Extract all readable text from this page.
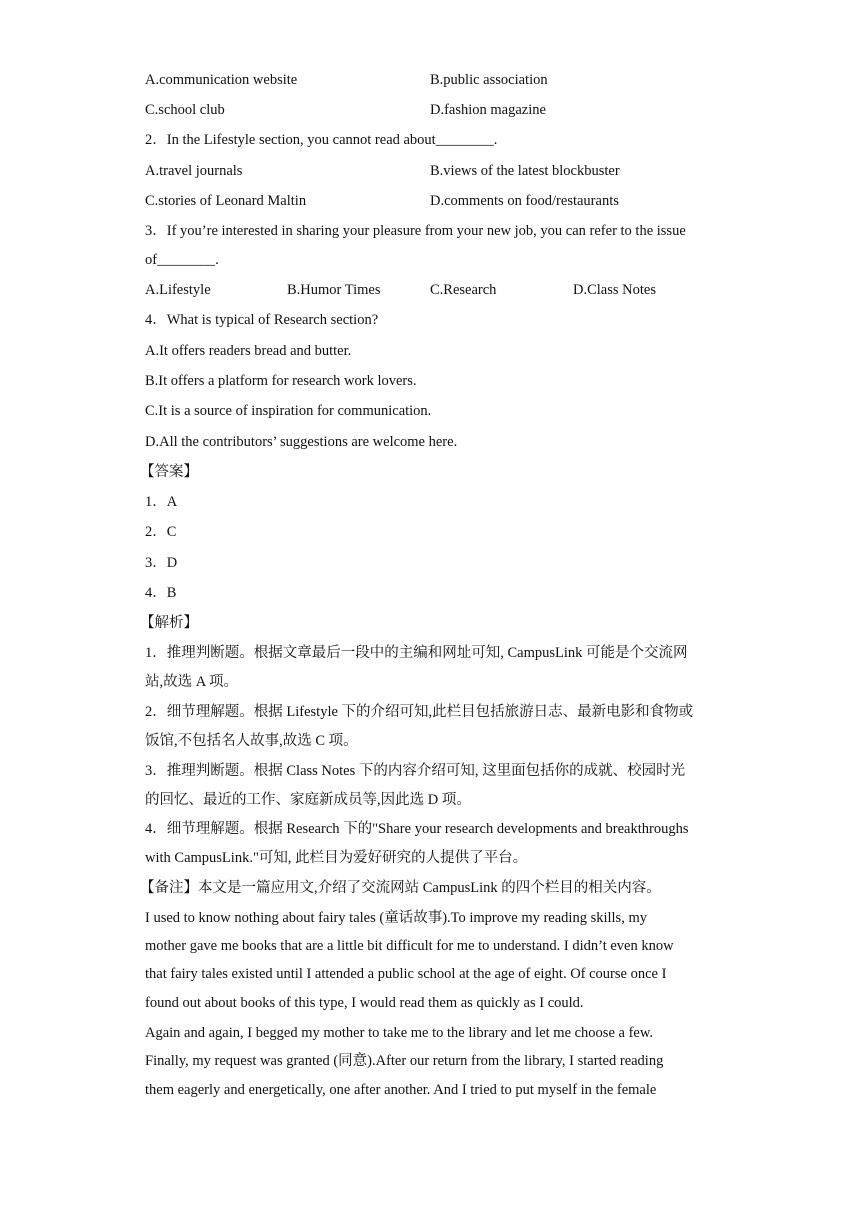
A.communication website	B.public association
C.school club	D.fashion magazine
2．In the Lifestyle section, you cannot read about________.
A.travel journals	B.views of the latest blockbuster
C.stories of Leonard Maltin	D.comments on food/restaurants
3．If you’re interested in sharing your pleasure from your new job, you can refer to the issue
of________.
A.Lifestyle	B.Humor Times	C.Research	D.Class Notes
4．What is typical of Research section?
A.It offers readers bread and butter.
B.It offers a platform for research work lovers.
C.It is a source of inspiration for communication.
D.All the contributors’ suggestions are welcome here.
【答案】
1．A
2．C
3．D
4．B
【解析】
1．推理判断题。根据文章最后一段中的主编和网址可知, CampusLink 可能是个交流网
站,故选 A 项。
2．细节理解题。根据 Lifestyle 下的介绍可知,此栏目包括旅游日志、最新电影和食物或
饭馆,不包括名人故事,故选 C 项。
3．推理判断题。根据 Class Notes 下的内容介绍可知, 这里面包括你的成就、校园时光
的回忆、最近的工作、家庭新成员等,因此选 D 项。
4．细节理解题。根据 Research 下的"Share your research developments and breakthroughs
with CampusLink."可知, 此栏目为爱好研究的人提供了平台。
【备注】本文是一篇应用文,介绍了交流网站 CampusLink 的四个栏目的相关内容。
I used to know nothing about fairy tales (童话故事).To improve my reading skills, my
mother gave me books that are a little bit difficult for me to understand. I didn’t even know
that fairy tales existed until I attended a public school at the age of eight. Of course once I
found out about books of this type, I would read them as quickly as I could.
Again and again, I begged my mother to take me to the library and let me choose a few.
Finally, my request was granted (同意).After our return from the library, I started reading
them eagerly and energetically, one after another. And I tried to put myself in the female
